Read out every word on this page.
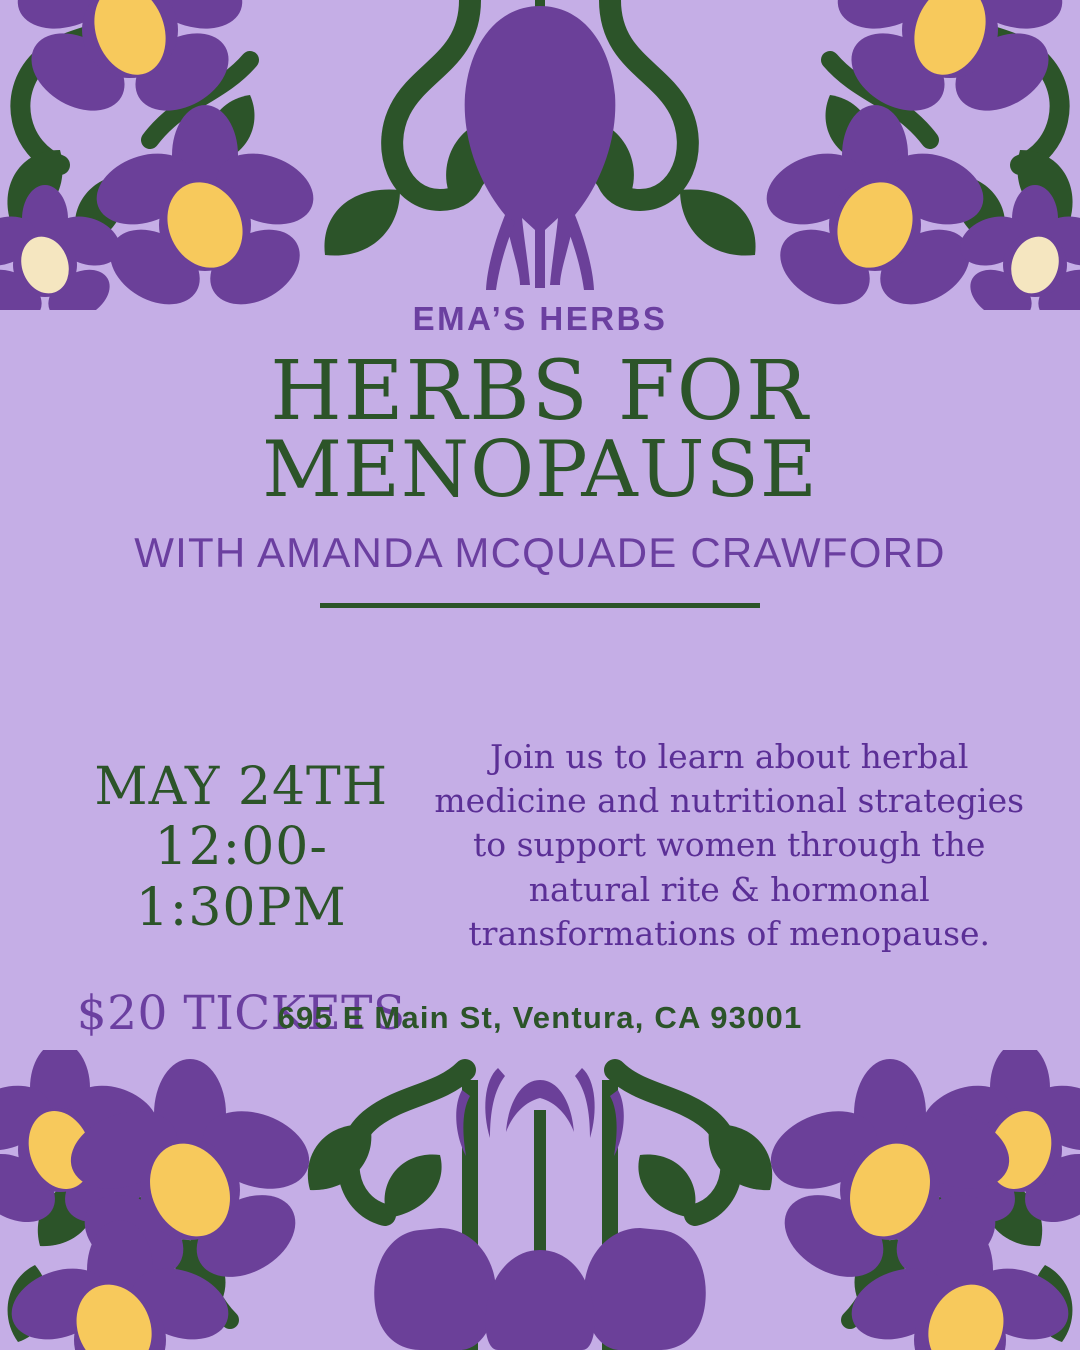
EMA’S HERBS
HERBS FOR
MENOPAUSE
WITH AMANDA MCQUADE CRAWFORD
MAY 24TH
12:00-1:30PM
$20 TICKETS

Join us to learn about herbal medicine and nutritional strategies to support women through the natural rite & hormonal transformations of menopause.

695 E Main St, Ventura, CA 93001
